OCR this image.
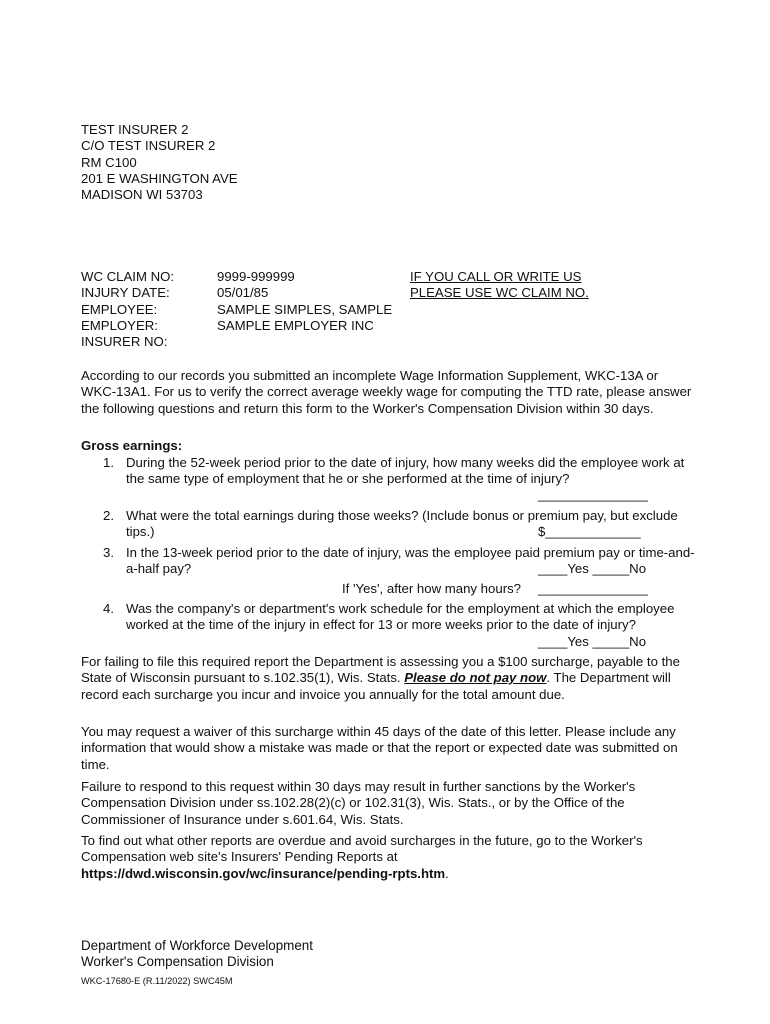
TEST INSURER 2
C/O TEST INSURER 2
RM C100
201 E WASHINGTON AVE
MADISON WI 53703
WC CLAIM NO:
INJURY DATE:
EMPLOYEE:
EMPLOYER:
INSURER NO:
9999-999999
05/01/85
SAMPLE SIMPLES, SAMPLE
SAMPLE EMPLOYER INC
IF YOU CALL OR WRITE US
PLEASE USE WC CLAIM NO.
According to our records you submitted an incomplete Wage Information Supplement, WKC-13A or WKC-13A1. For us to verify the correct average weekly wage for computing the TTD rate, please answer the following questions and return this form to the Worker's Compensation Division within 30 days.
Gross earnings:
1. During the 52-week period prior to the date of injury, how many weeks did the employee work at the same type of employment that he or she performed at the time of injury?
_______________
2. What were the total earnings during those weeks? (Include bonus or premium pay, but exclude tips.)	$_____________
3. In the 13-week period prior to the date of injury, was the employee paid premium pay or time-and-a-half pay?	____Yes _____No
If 'Yes', after how many hours? _______________
4. Was the company's or department's work schedule for the employment at which the employee worked at the time of the injury in effect for 13 or more weeks prior to the date of injury?
____Yes _____No
For failing to file this required report the Department is assessing you a $100 surcharge, payable to the State of Wisconsin pursuant to s.102.35(1), Wis. Stats. Please do not pay now. The Department will record each surcharge you incur and invoice you annually for the total amount due.
You may request a waiver of this surcharge within 45 days of the date of this letter. Please include any information that would show a mistake was made or that the report or expected date was submitted on time.
Failure to respond to this request within 30 days may result in further sanctions by the Worker's Compensation Division under ss.102.28(2)(c) or 102.31(3), Wis. Stats., or by the Office of the Commissioner of Insurance under s.601.64, Wis. Stats.
To find out what other reports are overdue and avoid surcharges in the future, go to the Worker's Compensation web site's Insurers' Pending Reports at https://dwd.wisconsin.gov/wc/insurance/pending-rpts.htm.
Department of Workforce Development
Worker's Compensation Division
WKC-17680-E (R.11/2022) SWC45M
